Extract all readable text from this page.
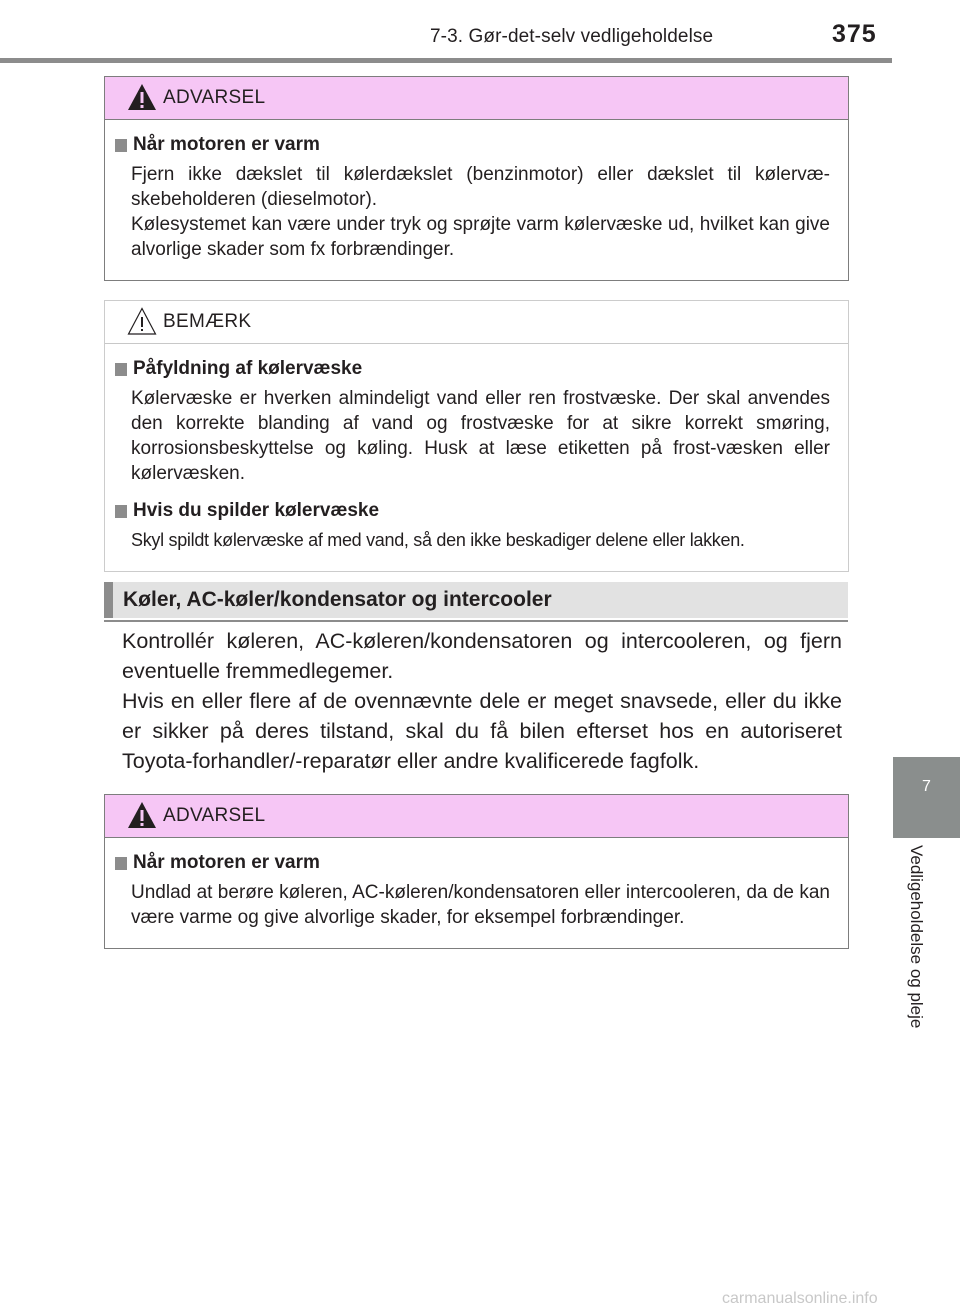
7-3. Gør-det-selv vedligeholdelse	375
7
Vedligeholdelse og pleje
ADVARSEL
Når motoren er varm
Fjern ikke dækslet til kølerdækslet (benzinmotor) eller dækslet til kølervæ-skebeholderen (dieselmotor).
Kølesystemet kan være under tryk og sprøjte varm kølervæske ud, hvilket kan give alvorlige skader som fx forbrændinger.
BEMÆRK
Påfyldning af kølervæske
Kølervæske er hverken almindeligt vand eller ren frostvæske. Der skal anvendes den korrekte blanding af vand og frostvæske for at sikre korrekt smøring, korrosionsbeskyttelse og køling. Husk at læse etiketten på frost-væsken eller kølervæsken.
Hvis du spilder kølervæske
Skyl spildt kølervæske af med vand, så den ikke beskadiger delene eller lakken.
Køler, AC-køler/kondensator og intercooler

Kontrollér køleren, AC-køleren/kondensatoren og intercooleren, og fjern eventuelle fremmedlegemer.

Hvis en eller flere af de ovennævnte dele er meget snavsede, eller du ikke er sikker på deres tilstand, skal du få bilen efterset hos en autoriseret Toyota-forhandler/-reparatør eller andre kvalificerede fagfolk.

ADVARSEL
Når motoren er varm
Undlad at berøre køleren, AC-køleren/kondensatoren eller intercooleren, da de kan være varme og give alvorlige skader, for eksempel forbrændinger.
carmanualsonline.info
